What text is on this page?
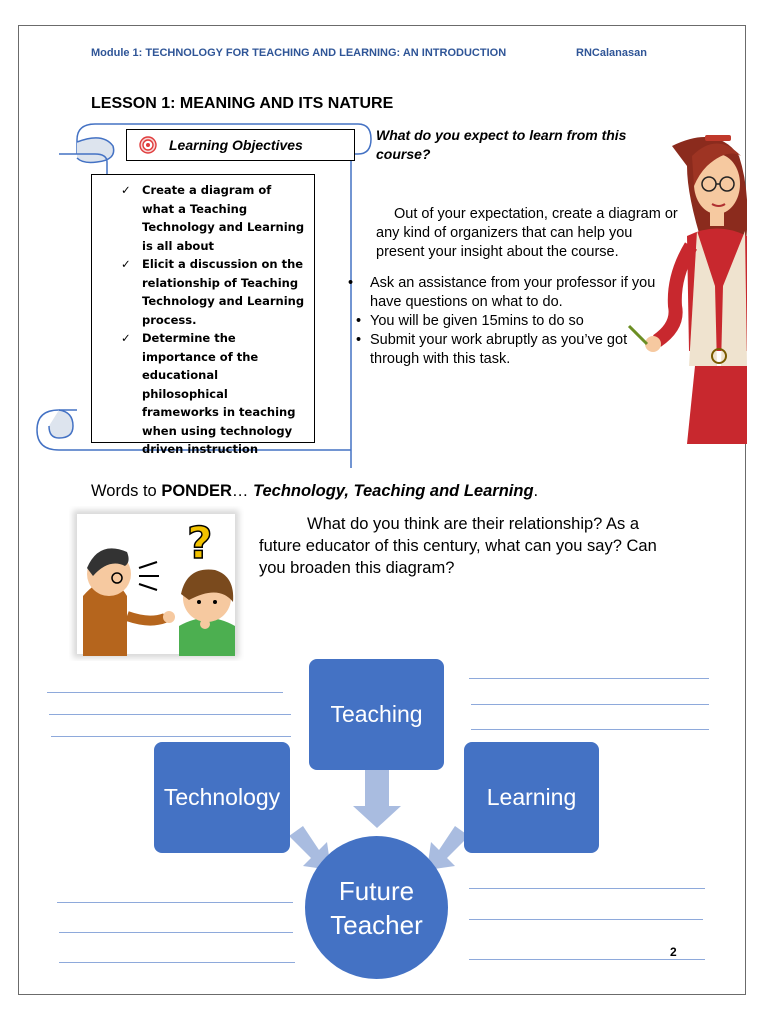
Module 1: TECHNOLOGY FOR TEACHING AND LEARNING: AN INTRODUCTION	RNCalanasan
LESSON 1: MEANING AND ITS NATURE
Learning Objectives
✓ Create a diagram of what a Teaching Technology and Learning is all about
✓ Elicit a discussion on the relationship of Teaching Technology and Learning process.
✓ Determine the importance of the educational philosophical frameworks in teaching when using technology driven instruction
What do you expect to learn from this course?
Out of your expectation, create a diagram or any kind of organizers that can help you present your insight about the course.
• Ask an assistance from your professor if you have questions on what to do.
• You will be given 15mins to do so
• Submit your work abruptly as you’ve got through with this task.
Words to PONDER… Technology, Teaching and Learning.
?	What do you think are their relationship? As a future educator of this century, what can you say? Can you broaden this diagram?
Teaching
Technology	Learning
Future
Teacher
2
